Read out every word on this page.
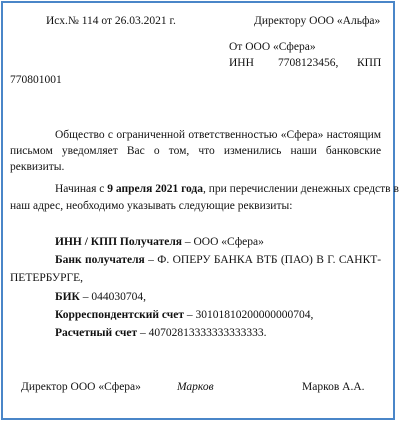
Исх.№ 114 от 26.03.2021 г.	Директору ООО «Альфа»
От ООО «Сфера»
ИНН 7708123456, КПП
770801001
Общество с ограниченной ответственностью «Сфера» настоящим
письмом уведомляет Вас о том, что изменились наши банковские
реквизиты.
Начиная с 9 апреля 2021 года, при перечислении денежных средств в
наш адрес, необходимо указывать следующие реквизиты:
ИНН / КПП Получателя – ООО «Сфера»
Банк получателя – Ф. ОПЕРУ БАНКА ВТБ (ПАО) В Г. САНКТ-
ПЕТЕРБУРГЕ,
БИК – 044030704,
Корреспондентский счет – 30101810200000000704,
Расчетный счет – 40702813333333333333.
Директор ООО «Сфера»	Марков	Марков А.А.
